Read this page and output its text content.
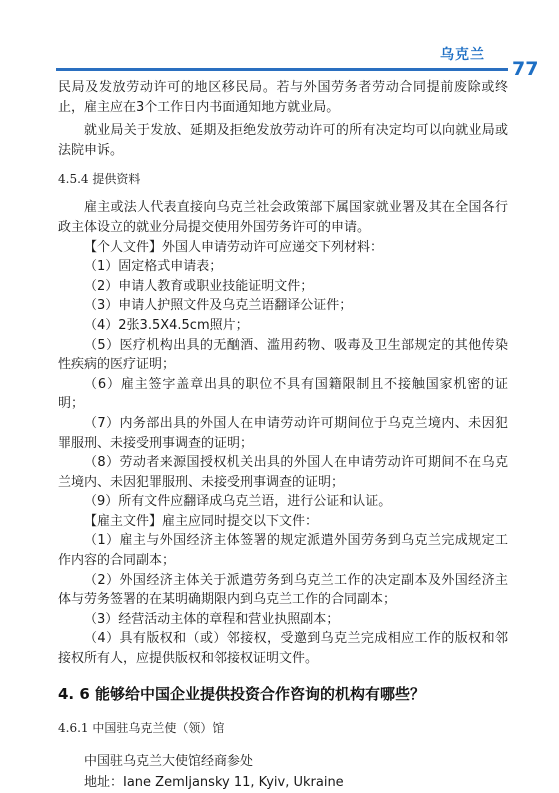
乌克兰
77

民局及发放劳动许可的地区移民局。若与外国劳务者劳动合同提前废除或终止，雇主应在3个工作日内书面通知地方就业局。

就业局关于发放、延期及拒绝发放劳动许可的所有决定均可以向就业局或法院申诉。

4.5.4 提供资料

雇主或法人代表直接向乌克兰社会政策部下属国家就业署及其在全国各行政主体设立的就业分局提交使用外国劳务许可的申请。

【个人文件】外国人申请劳动许可应递交下列材料：

（1）固定格式申请表；

（2）申请人教育或职业技能证明文件；

（3）申请人护照文件及乌克兰语翻译公证件；

（4）2张3.5X4.5cm照片；

（5）医疗机构出具的无酗酒、滥用药物、吸毒及卫生部规定的其他传染性疾病的医疗证明；

（6）雇主签字盖章出具的职位不具有国籍限制且不接触国家机密的证明；

（7）内务部出具的外国人在申请劳动许可期间位于乌克兰境内、未因犯罪服刑、未接受刑事调查的证明；

（8）劳动者来源国授权机关出具的外国人在申请劳动许可期间不在乌克兰境内、未因犯罪服刑、未接受刑事调查的证明；

（9）所有文件应翻译成乌克兰语，进行公证和认证。

【雇主文件】雇主应同时提交以下文件：

（1）雇主与外国经济主体签署的规定派遣外国劳务到乌克兰完成规定工作内容的合同副本；

（2）外国经济主体关于派遣劳务到乌克兰工作的决定副本及外国经济主体与劳务签署的在某明确期限内到乌克兰工作的合同副本；

（3）经营活动主体的章程和营业执照副本；

（4）具有版权和（或）邻接权，受邀到乌克兰完成相应工作的版权和邻接权所有人，应提供版权和邻接权证明文件。

4. 6 能够给中国企业提供投资合作咨询的机构有哪些？
4.6.1 中国驻乌克兰使（领）馆
中国驻乌克兰大使馆经商参处
地址：Iane Zemljansky 11, Kyiv, Ukraine
